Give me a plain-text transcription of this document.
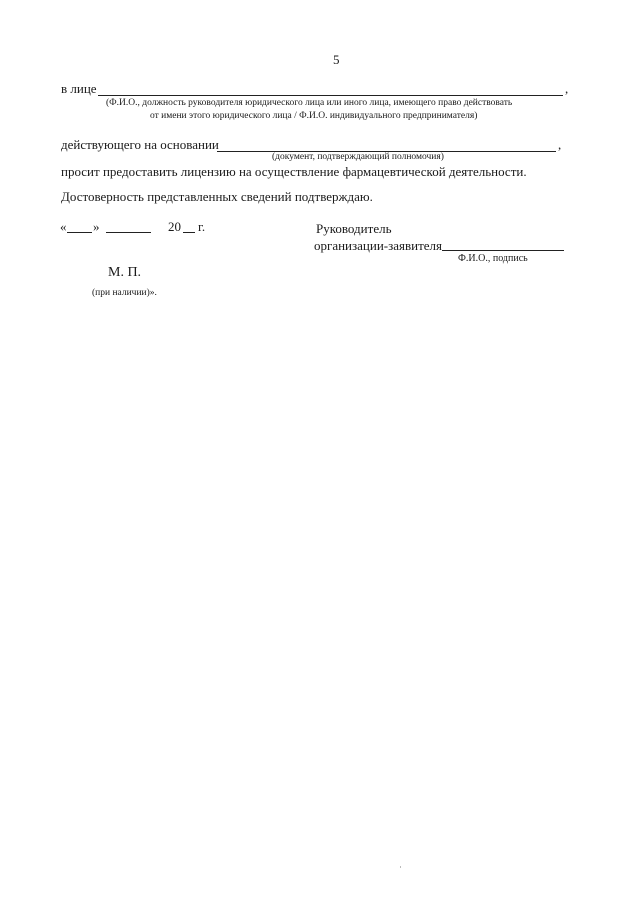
5
в лице	,
(Ф.И.О., должность руководителя юридического лица или иного лица, имеющего право действовать
от имени этого юридического лица / Ф.И.О. индивидуального предпринимателя)
действующего на основании	,
(документ, подтверждающий полномочия)
просит предоставить лицензию на осуществление фармацевтической деятельности.
Достоверность представленных сведений подтверждаю.
« »	20 г.	Руководитель
организации-заявителя
Ф.И.О., подпись
М. П.
(при наличии)».
